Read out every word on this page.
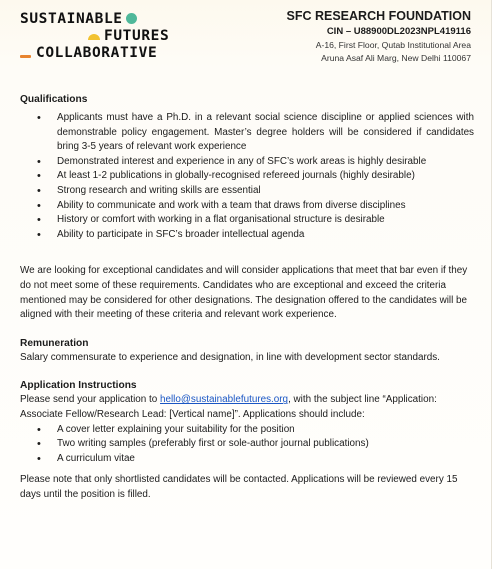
SUSTAINABLE
FUTURES
COLLABORATIVE
SFC RESEARCH FOUNDATION
CIN – U88900DL2023NPL419116
A-16, First Floor, Qutab Institutional Area
Aruna Asaf Ali Marg, New Delhi 110067
Qualifications
• Applicants must have a Ph.D. in a relevant social science discipline or applied sciences with demonstrable policy engagement. Master’s degree holders will be considered if candidates bring 3-5 years of relevant work experience
• Demonstrated interest and experience in any of SFC’s work areas is highly desirable
• At least 1-2 publications in globally-recognised refereed journals (highly desirable)
• Strong research and writing skills are essential
• Ability to communicate and work with a team that draws from diverse disciplines
• History or comfort with working in a flat organisational structure is desirable
• Ability to participate in SFC’s broader intellectual agenda

We are looking for exceptional candidates and will consider applications that meet that bar even if they do not meet some of these requirements. Candidates who are exceptional and exceed the criteria mentioned may be considered for other designations. The designation offered to the candidates will be aligned with their meeting of these criteria and relevant work experience.

Remuneration

Salary commensurate to experience and designation, in line with development sector standards.

Application Instructions

Please send your application to hello@sustainablefutures.org, with the subject line “Application: Associate Fellow/Research Lead: [Vertical name]”. Applications should include:

• A cover letter explaining your suitability for the position
• Two writing samples (preferably first or sole-author journal publications)
• A curriculum vitae

Please note that only shortlisted candidates will be contacted. Applications will be reviewed every 15 days until the position is filled.
